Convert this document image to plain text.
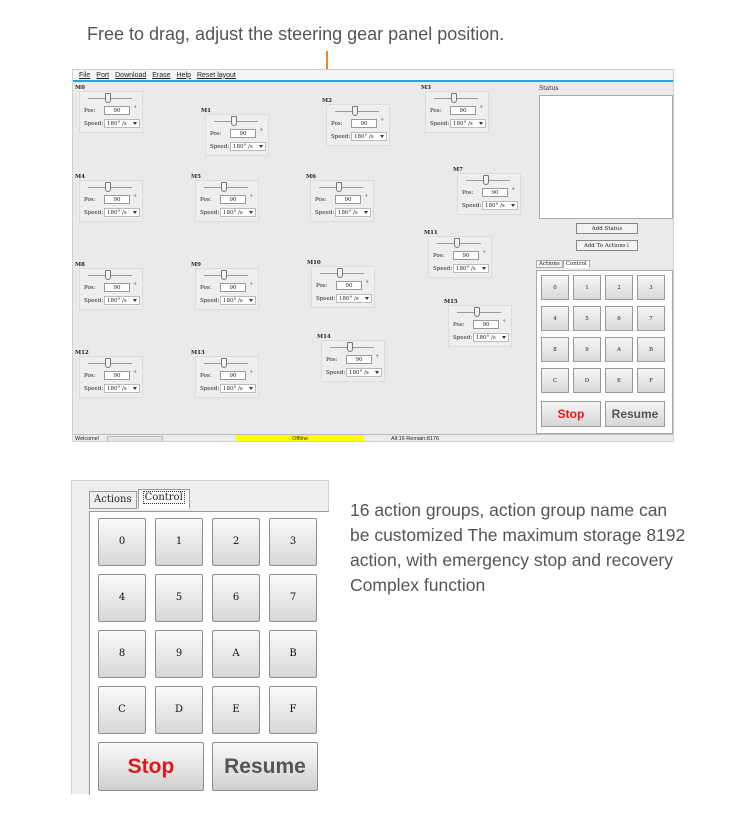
Free to drag, adjust the steering gear panel position.
File Port Download Erase Help Reset layout
M0
Pos:	90	°
Speed: 180° /s
M1
Pos:	90	°
Speed: 180° /s
M2
Pos:	90	°
Speed: 180° /s
M3
Pos:	90	°
Speed: 180° /s
M4
Pos:	90	°
Speed: 180° /s
M5
Pos:	90	°
Speed: 180° /s
M6
Pos:	90	°
Speed: 180° /s
M7
Pos:	90	°
Speed: 180° /s
M8
Pos:	90	°
Speed: 180° /s
M9
Pos:	90	°
Speed: 180° /s
M10
Pos:	90	°
Speed: 180° /s
M11
Pos:	90	°
Speed: 180° /s
M12
Pos:	90	°
Speed: 180° /s
M13
Pos:	90	°
Speed: 180° /s
M14
Pos:	90	°
Speed: 180° /s
M15
Pos:	90	°
Speed: 180° /s
Status
Add Status
Add To Actions↓
Actions Control
0	1	2	3
4	5	6	7
8	9	A	B
C	D	E	F
Stop	Resume
Welcome!	Offline	All:16 Remain:8176
Actions	Control
0	1	2	3
4	5	6	7
8	9	A	B
C	D	E	F
Stop	Resume
16 action groups, action group name can
be customized The maximum storage 8192
action, with emergency stop and recovery
Complex function
